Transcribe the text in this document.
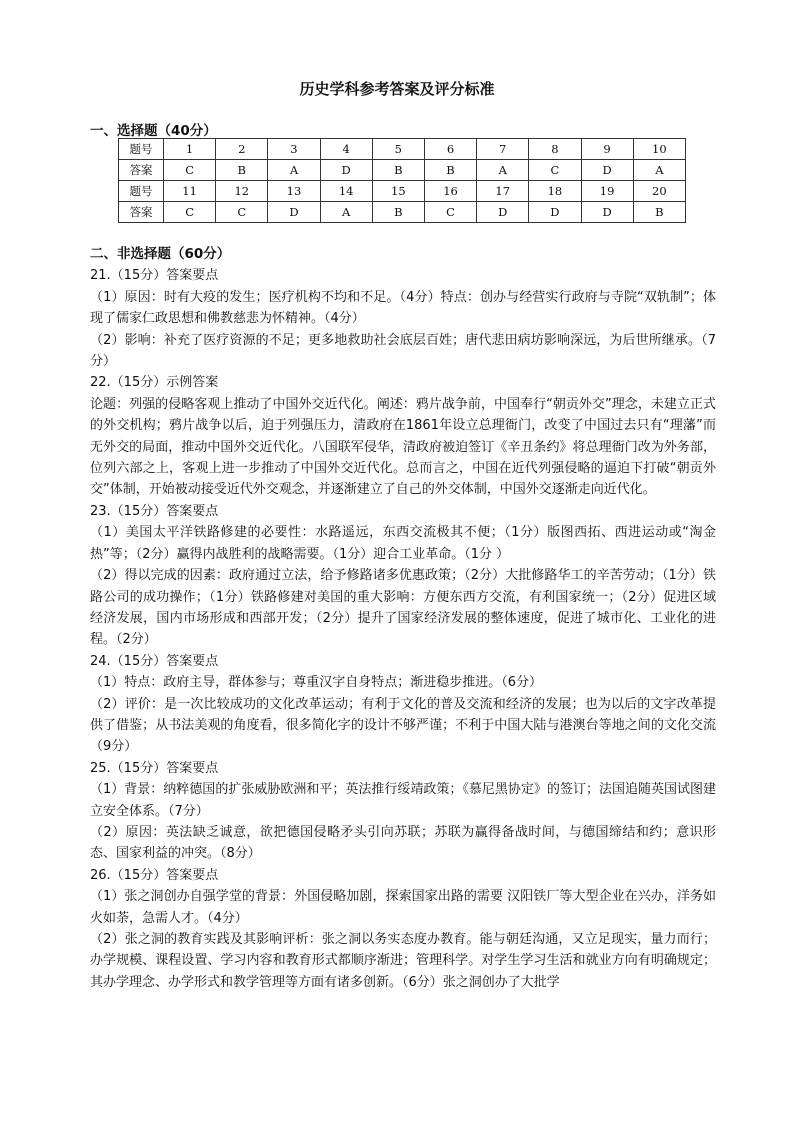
历史学科参考答案及评分标准
一、选择题（40分）
题号	1	2	3	4	5	6	7	8	9	10
答案	C	B	A	D	B	B	A	C	D	A
题号	11	12	13	14	15	16	17	18	19	20
答案	C	C	D	A	B	C	D	D	D	B

二、非选择题（60分）

21.（15分）答案要点

（1）原因：时有大疫的发生；医疗机构不均和不足。（4分）特点：创办与经营实行政府与寺院“双轨制”；体现了儒家仁政思想和佛教慈悲为怀精神。（4分）

（2）影响：补充了医疗资源的不足；更多地救助社会底层百姓；唐代悲田病坊影响深远，为后世所继承。（7分）

22.（15分）示例答案

论题：列强的侵略客观上推动了中国外交近代化。阐述：鸦片战争前，中国奉行“朝贡外交”理念，未建立正式的外交机构；鸦片战争以后，迫于列强压力，清政府在1861年设立总理衙门，改变了中国过去只有“理藩”而无外交的局面，推动中国外交近代化。八国联军侵华，清政府被迫签订《辛丑条约》将总理衙门改为外务部，位列六部之上，客观上进一步推动了中国外交近代化。总而言之，中国在近代列强侵略的逼迫下打破“朝贡外交”体制，开始被动接受近代外交观念，并逐渐建立了自己的外交体制，中国外交逐渐走向近代化。

23.（15分）答案要点

（1）美国太平洋铁路修建的必要性：水路遥远，东西交流极其不便；（1分）版图西拓、西进运动或“淘金热”等；（2分）赢得内战胜利的战略需要。（1分）迎合工业革命。（1分 ）

（2）得以完成的因素：政府通过立法，给予修路诸多优惠政策；（2分）大批修路华工的辛苦劳动；（1分）铁路公司的成功操作；（1分）铁路修建对美国的重大影响：方便东西方交流，有利国家统一；（2分）促进区域经济发展，国内市场形成和西部开发；（2分）提升了国家经济发展的整体速度，促进了城市化、工业化的进程。（2分）

24.（15分）答案要点

（1）特点：政府主导，群体参与；尊重汉字自身特点；渐进稳步推进。（6分）

（2）评价：是一次比较成功的文化改革运动；有利于文化的普及交流和经济的发展；也为以后的文字改革提供了借鉴；从书法美观的角度看，很多简化字的设计不够严谨；不利于中国大陆与港澳台等地之间的文化交流（9分）

25.（15分）答案要点

（1）背景：纳粹德国的扩张威胁欧洲和平；英法推行绥靖政策；《慕尼黑协定》的签订；法国追随英国试图建立安全体系。（7分）

（2）原因：英法缺乏诚意，欲把德国侵略矛头引向苏联；苏联为赢得备战时间，与德国缔结和约；意识形态、国家利益的冲突。（8分）

26.（15分）答案要点

（1）张之洞创办自强学堂的背景：外国侵略加剧，探索国家出路的需要 汉阳铁厂等大型企业在兴办，洋务如火如荼，急需人才。（4分）

（2）张之洞的教育实践及其影响评析：张之洞以务实态度办教育。能与朝廷沟通，又立足现实，量力而行；办学规模、课程设置、学习内容和教育形式都顺序渐进；管理科学。对学生学习生活和就业方向有明确规定；其办学理念、办学形式和教学管理等方面有诸多创新。（6分）张之洞创办了大批学
